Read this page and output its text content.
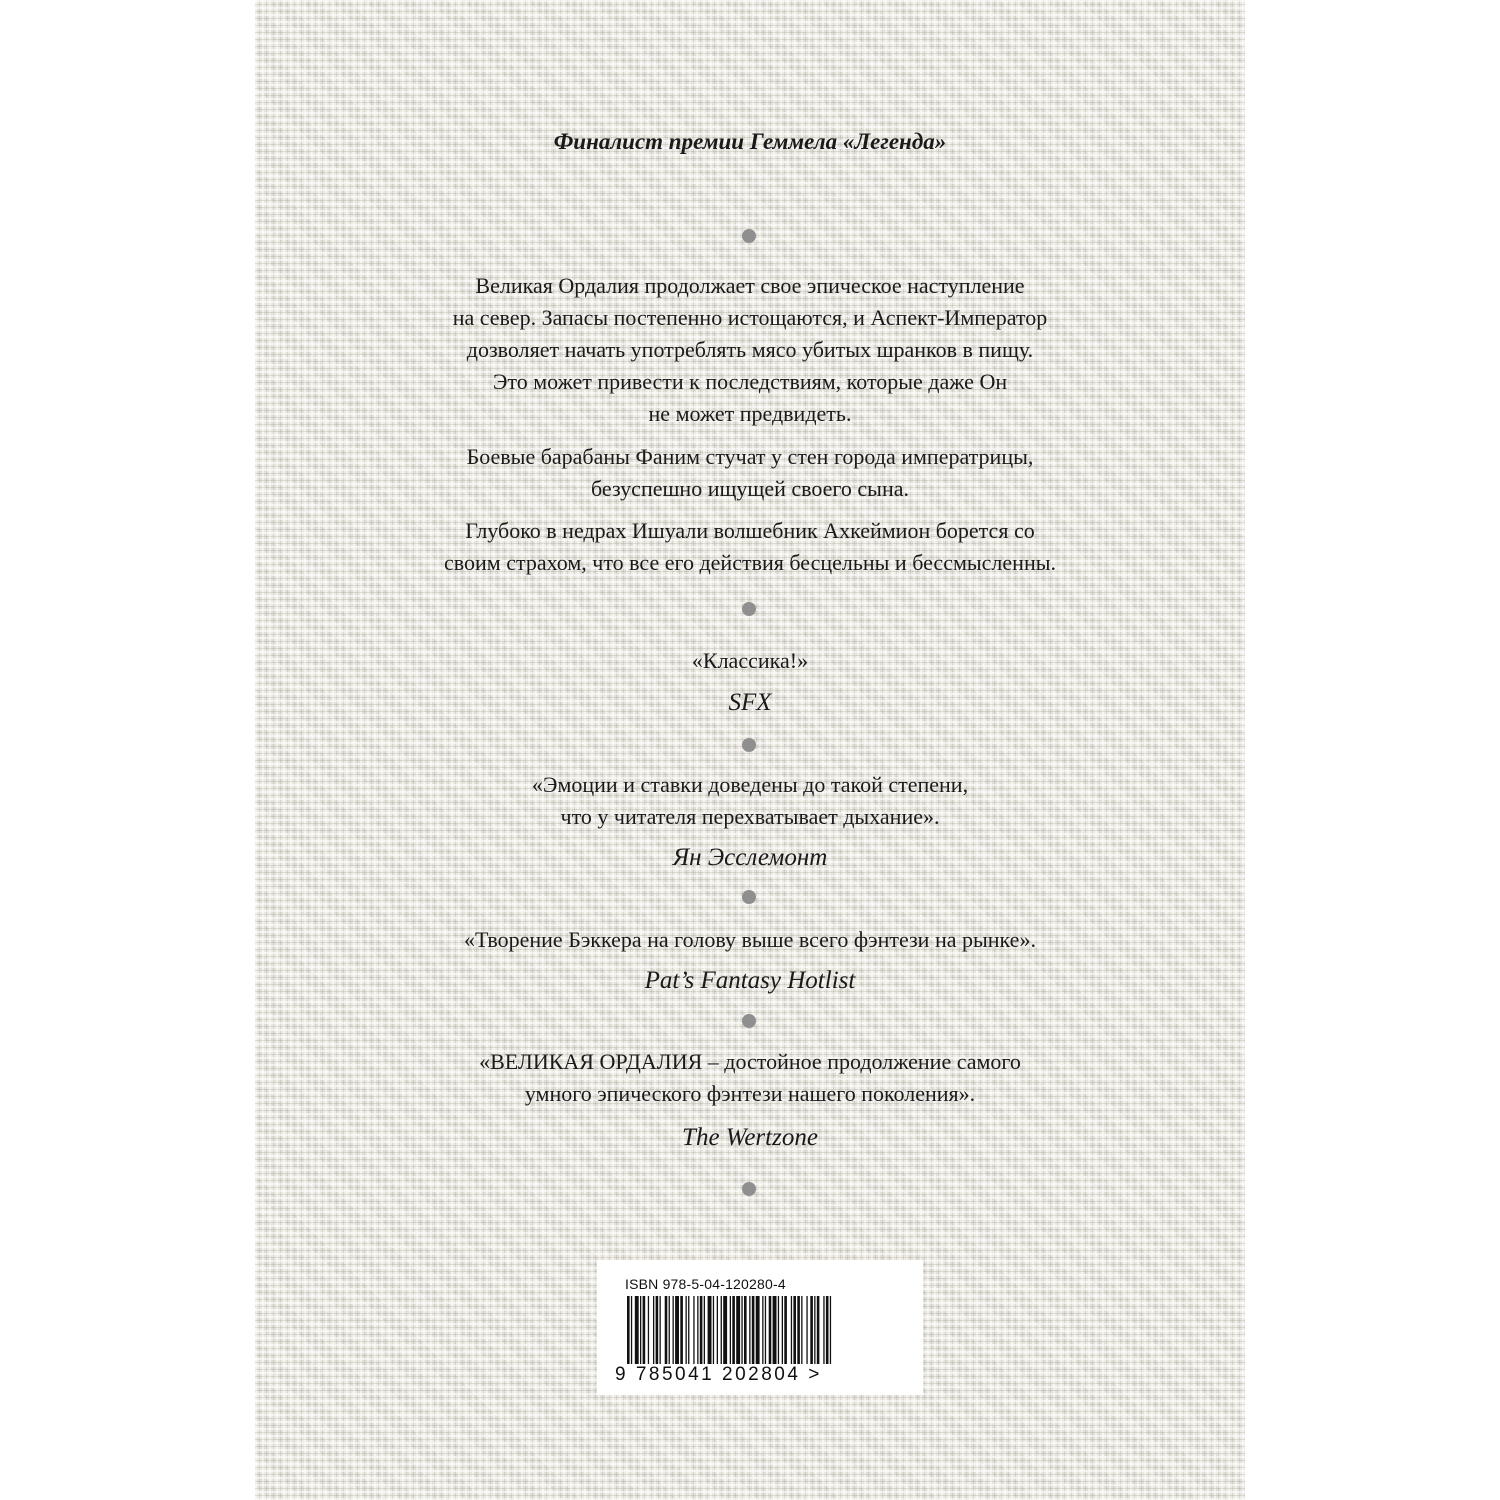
Финалист премии Геммела «Легенда»

Великая Ордалия продолжает свое эпическое наступление

на север. Запасы постепенно истощаются, и Аспект-Император

дозволяет начать употреблять мясо убитых шранков в пищу.

Это может привести к последствиям, которые даже Он

не может предвидеть.

Боевые барабаны Фаним стучат у стен города императрицы,

безуспешно ищущей своего сына.

Глубоко в недрах Ишуали волшебник Ахкеймион борется со

своим страхом, что все его действия бесцельны и бессмысленны.

«Классика!»

SFX

«Эмоции и ставки доведены до такой степени,

что у читателя перехватывает дыхание».

Ян Эсслемонт

«Творение Бэккера на голову выше всего фэнтези на рынке».

Pat’s Fantasy Hotlist

«ВЕЛИКАЯ ОРДАЛИЯ – достойное продолжение самого

умного эпического фэнтези нашего поколения».

The Wertzone

ISBN 978-5-04-120280-4
9 785041 202804 >
